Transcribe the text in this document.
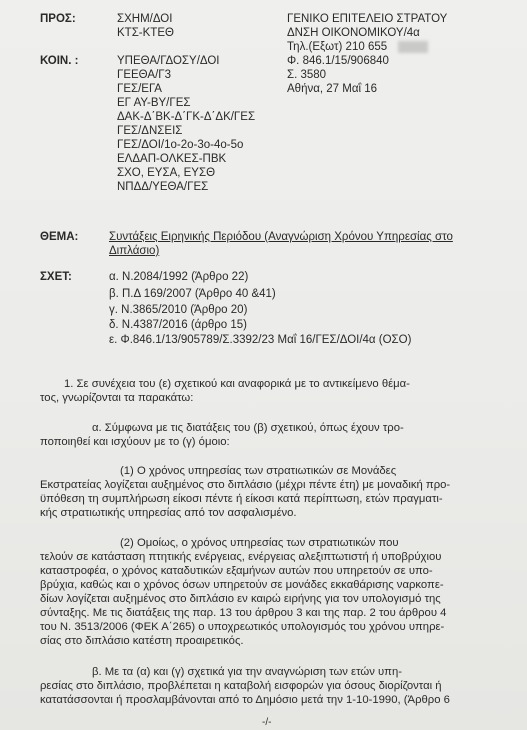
ΠΡΟΣ:	ΣΧΗΜ/ΔΟΙ
ΚΤΣ-ΚΤΕΘ
ΚΟΙΝ. :	ΥΠΕΘΑ/ΓΔΟΣΥ/ΔΟΙ
ΓΕΕΘΑ/Γ3
ΓΕΣ/ΕΓΑ
ΕΓ ΑΥ-ΒΥ/ΓΕΣ
ΔΑΚ-Δ΄ΒΚ-Δ΄ΓΚ-Δ΄ΔΚ/ΓΕΣ
ΓΕΣ/ΔΝΣΕΙΣ
ΓΕΣ/ΔΟΙ/1ο-2ο-3ο-4ο-5ο
ΕΛΔΑΠ-ΟΛΚΕΣ-ΠΒΚ
ΣΧΟ, ΕΥΣΑ, ΕΥΣΘ
ΝΠΔΔ/ΥΕΘΑ/ΓΕΣ
ΓΕΝΙΚΟ ΕΠΙΤΕΛΕΙΟ ΣΤΡΑΤΟΥ
ΔΝΣΗ ΟΙΚΟΝΟΜΙΚΟΥ/4α
Τηλ.(Εξωτ) 210 655
Φ. 846.1/15/906840
Σ. 3580
Αθήνα, 27 Μαΐ 16
ΘΕΜΑ:	Συντάξεις Ειρηνικής Περιόδου (Αναγνώριση Χρόνου Υπηρεσίας στο
Διπλάσιο)
ΣΧΕΤ:	α. Ν.2084/1992 (Άρθρο 22)
β. Π.Δ 169/2007 (Άρθρο 40 &41)
γ. Ν.3865/2010 (Άρθρο 20)
δ. Ν.4387/2016 (άρθρο 15)
ε. Φ.846.1/13/905789/Σ.3392/23 Μαΐ 16/ΓΕΣ/ΔΟΙ/4α (ΟΣΟ)
1. Σε συνέχεια του (ε) σχετικού και αναφορικά με το αντικείμενο θέμα-
τος, γνωρίζονται τα παρακάτω:
α. Σύμφωνα με τις διατάξεις του (β) σχετικού, όπως έχουν τρο-
ποποιηθεί και ισχύουν με το (γ) όμοιο:
(1) Ο χρόνος υπηρεσίας των στρατιωτικών σε Μονάδες
Εκστρατείας λογίζεται αυξημένος στο διπλάσιο (μέχρι πέντε έτη) με μοναδική προ-
ϋπόθεση τη συμπλήρωση είκοσι πέντε ή είκοσι κατά περίπτωση, ετών πραγματι-
κής στρατιωτικής υπηρεσίας από τον ασφαλισμένο.
(2) Ομοίως, ο χρόνος υπηρεσίας των στρατιωτικών που
τελούν σε κατάσταση πτητικής ενέργειας, ενέργειας αλεξιπτωτιστή ή υποβρύχιου
καταστροφέα, ο χρόνος καταδυτικών εξαμήνων αυτών που υπηρετούν σε υπο-
βρύχια, καθώς και ο χρόνος όσων υπηρετούν σε μονάδες εκκαθάρισης ναρκοπε-
δίων λογίζεται αυξημένος στο διπλάσιο εν καιρώ ειρήνης για τον υπολογισμό της
σύνταξης. Με τις διατάξεις της παρ. 13 του άρθρου 3 και της παρ. 2 του άρθρου 4
του Ν. 3513/2006 (ΦΕΚ Α΄265) ο υποχρεωτικός υπολογισμός του χρόνου υπηρε-
σίας στο διπλάσιο κατέστη προαιρετικός.
β. Με τα (α) και (γ) σχετικά για την αναγνώριση των ετών υπη-
ρεσίας στο διπλάσιο, προβλέπεται η καταβολή εισφορών για όσους διορίζονται ή
κατατάσσονται ή προσλαμβάνονται από το Δημόσιο μετά την 1-10-1990, (Άρθρο 6
-/-
